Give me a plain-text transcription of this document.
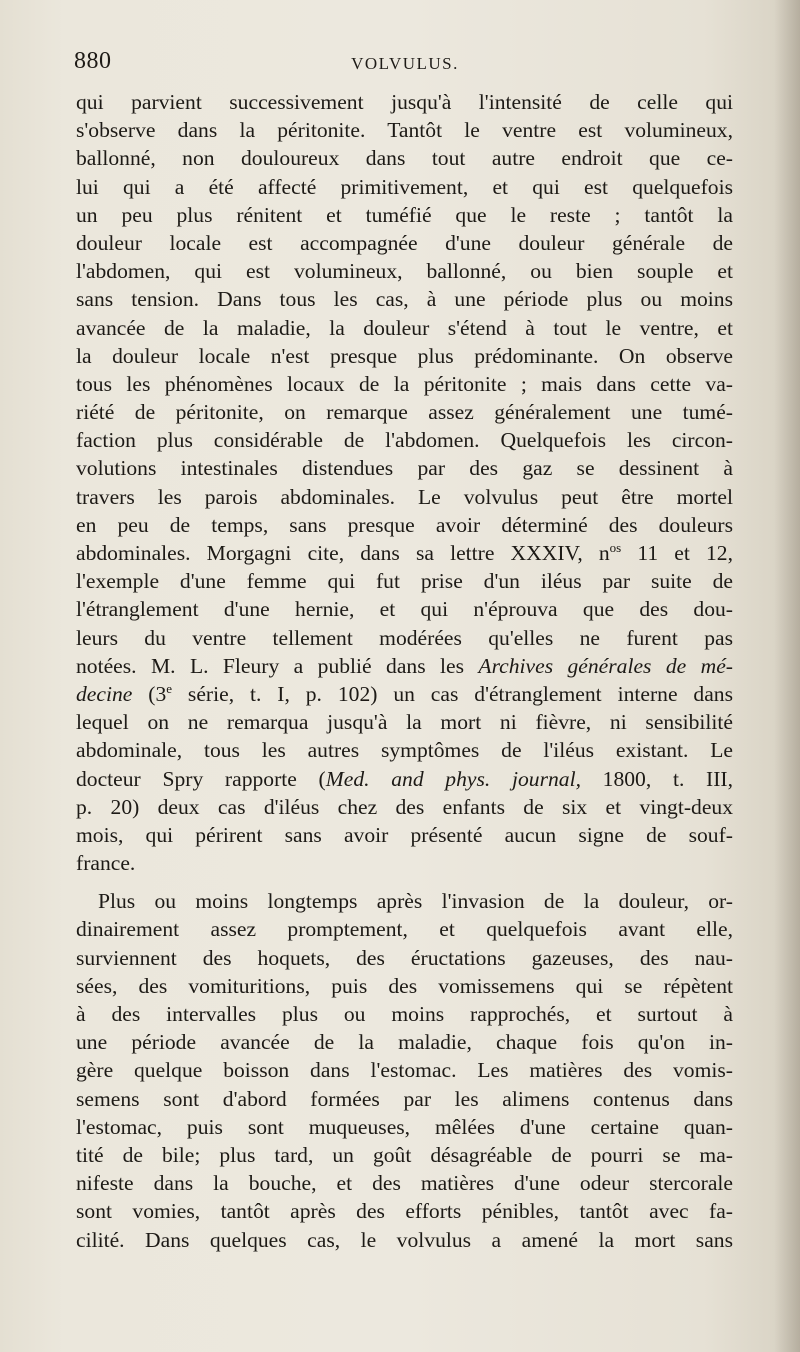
880	VOLVULUS.
qui parvient successivement jusqu'à l'intensité de celle qui
s'observe dans la péritonite. Tantôt le ventre est volumineux,
ballonné, non douloureux dans tout autre endroit que ce-
lui qui a été affecté primitivement, et qui est quelquefois
un peu plus rénitent et tuméfié que le reste ; tantôt la
douleur locale est accompagnée d'une douleur générale de
l'abdomen, qui est volumineux, ballonné, ou bien souple et
sans tension. Dans tous les cas, à une période plus ou moins
avancée de la maladie, la douleur s'étend à tout le ventre, et
la douleur locale n'est presque plus prédominante. On observe
tous les phénomènes locaux de la péritonite ; mais dans cette va-
riété de péritonite, on remarque assez généralement une tumé-
faction plus considérable de l'abdomen. Quelquefois les circon-
volutions intestinales distendues par des gaz se dessinent à
travers les parois abdominales. Le volvulus peut être mortel
en peu de temps, sans presque avoir déterminé des douleurs
abdominales. Morgagni cite, dans sa lettre XXXIV, $n^{os}$ 11 et 12,
l'exemple d'une femme qui fut prise d'un iléus par suite de
l'étranglement d'une hernie, et qui n'éprouva que des dou-
leurs du ventre tellement modérées qu'elles ne furent pas
notées. M. L. Fleury a publié dans les Archives générales de mé-
decine (3e série, t. I, p. 102) un cas d'étranglement interne dans
lequel on ne remarqua jusqu'à la mort ni fièvre, ni sensibilité
abdominale, tous les autres symptômes de l'iléus existant. Le
docteur Spry rapporte (Med. and phys. journal, 1800, t. III,
p. 20) deux cas d'iléus chez des enfants de six et vingt-deux
mois, qui périrent sans avoir présenté aucun signe de souf-
france.
Plus ou moins longtemps après l'invasion de la douleur, or-
dinairement assez promptement, et quelquefois avant elle,
surviennent des hoquets, des éructations gazeuses, des nau-
sées, des vomituritions, puis des vomissemens qui se répètent
à des intervalles plus ou moins rapprochés, et surtout à
une période avancée de la maladie, chaque fois qu'on in-
gère quelque boisson dans l'estomac. Les matières des vomis-
semens sont d'abord formées par les alimens contenus dans
l'estomac, puis sont muqueuses, mêlées d'une certaine quan-
tité de bile; plus tard, un goût désagréable de pourri se ma-
nifeste dans la bouche, et des matières d'une odeur stercorale
sont vomies, tantôt après des efforts pénibles, tantôt avec fa-
cilité. Dans quelques cas, le volvulus a amené la mort sans
